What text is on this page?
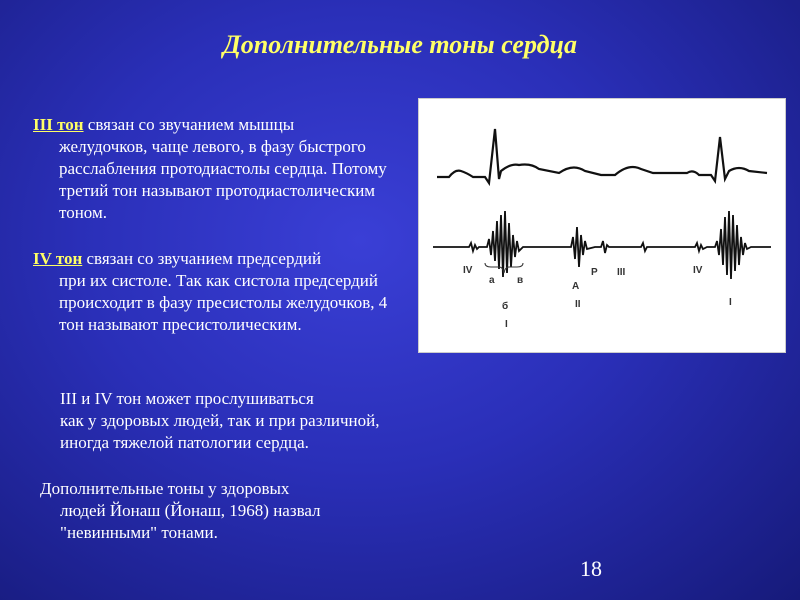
Дополнительные тоны сердца
III тон связан со звучанием мышцы
желудочков, чаще левого, в фазу быстрого расслабления протодиастолы сердца. Потому третий тон называют протодиастолическим тоном.
IV тон связан со звучанием предсердий
при их систоле. Так как систола предсердий происходит в фазу пресистолы желудочков, 4 тон называют пресистолическим.
III и IV тон может прослушиваться
как у здоровых людей, так и при различной, иногда тяжелой патологии сердца.
Дополнительные тоны у здоровых
людей Йонаш (Йонаш, 1968) назвал "невинными" тонами.
IV
а в
б
I
A
P
II
III	IV
I
18
